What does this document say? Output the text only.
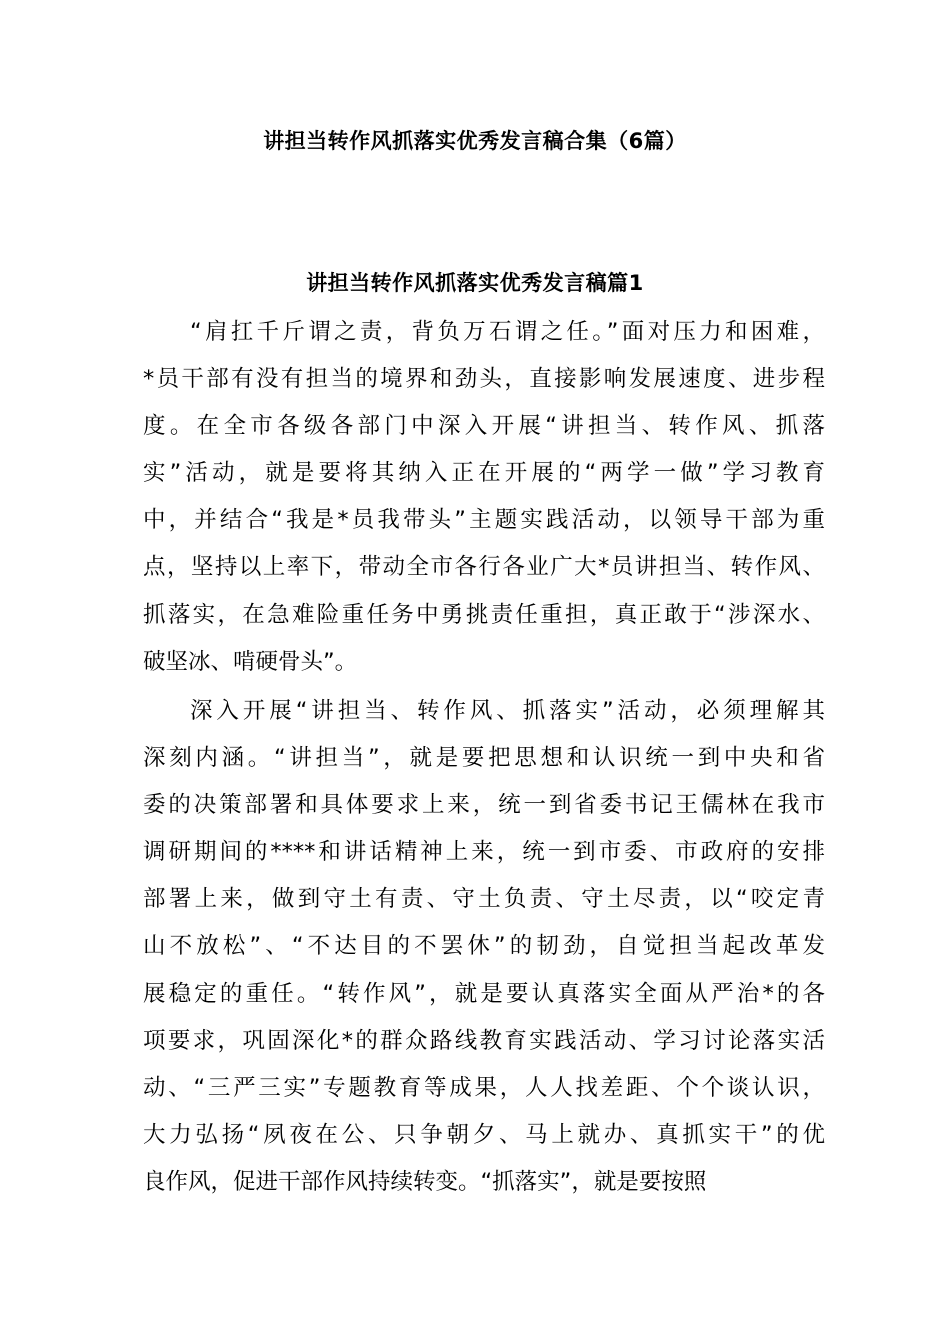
讲担当转作风抓落实优秀发言稿合集（6篇）
讲担当转作风抓落实优秀发言稿篇1
“肩扛千斤谓之责，背负万石谓之任。”面对压力和困难，
*员干部有没有担当的境界和劲头，直接影响发展速度、进步程
度。在全市各级各部门中深入开展“讲担当、转作风、抓落
实”活动，就是要将其纳入正在开展的“两学一做”学习教育
中，并结合“我是*员我带头”主题实践活动，以领导干部为重
点，坚持以上率下，带动全市各行各业广大*员讲担当、转作风、
抓落实，在急难险重任务中勇挑责任重担，真正敢于“涉深水、
破坚冰、啃硬骨头”。
深入开展“讲担当、转作风、抓落实”活动，必须理解其
深刻内涵。“讲担当”，就是要把思想和认识统一到中央和省
委的决策部署和具体要求上来，统一到省委书记王儒林在我市
调研期间的****和讲话精神上来，统一到市委、市政府的安排
部署上来，做到守土有责、守土负责、守土尽责，以“咬定青
山不放松”、“不达目的不罢休”的韧劲，自觉担当起改革发
展稳定的重任。“转作风”，就是要认真落实全面从严治*的各
项要求，巩固深化*的群众路线教育实践活动、学习讨论落实活
动、“三严三实”专题教育等成果，人人找差距、个个谈认识，
大力弘扬“夙夜在公、只争朝夕、马上就办、真抓实干”的优
良作风，促进干部作风持续转变。“抓落实”，就是要按照
